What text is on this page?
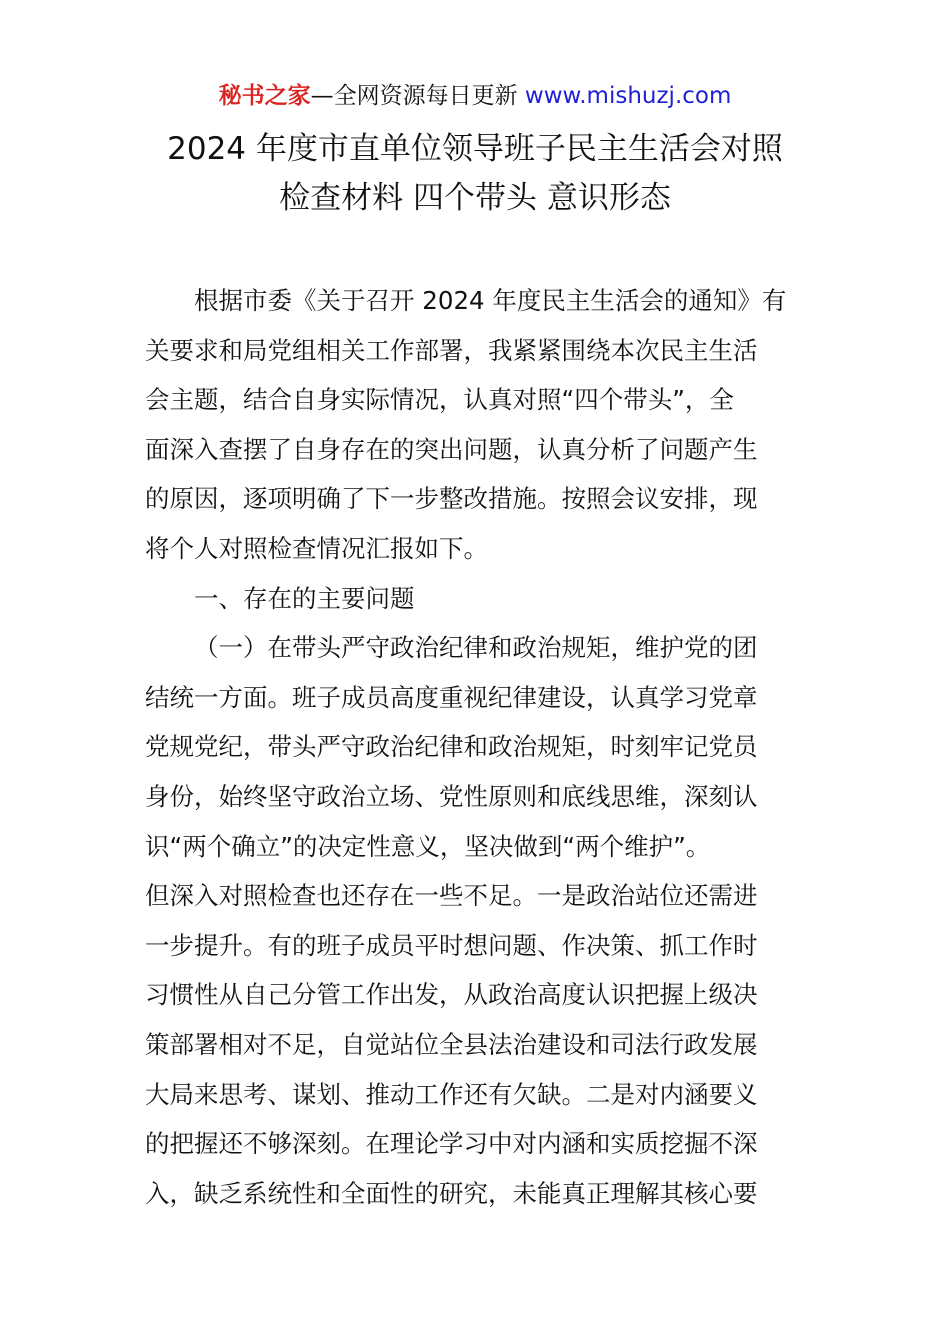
秘书之家—全网资源每日更新 www.mishuzj.com
2024 年度市直单位领导班子民主生活会对照
检查材料 四个带头 意识形态
根据市委《关于召开 2024 年度民主生活会的通知》有
关要求和局党组相关工作部署，我紧紧围绕本次民主生活
会主题，结合自身实际情况，认真对照“四个带头”，全
面深入查摆了自身存在的突出问题，认真分析了问题产生
的原因，逐项明确了下一步整改措施。按照会议安排，现
将个人对照检查情况汇报如下。
一、存在的主要问题
（一）在带头严守政治纪律和政治规矩，维护党的团
结统一方面。班子成员高度重视纪律建设，认真学习党章
党规党纪，带头严守政治纪律和政治规矩，时刻牢记党员
身份，始终坚守政治立场、党性原则和底线思维，深刻认
识“两个确立”的决定性意义，坚决做到“两个维护”。
但深入对照检查也还存在一些不足。一是政治站位还需进
一步提升。有的班子成员平时想问题、作决策、抓工作时
习惯性从自己分管工作出发，从政治高度认识把握上级决
策部署相对不足，自觉站位全县法治建设和司法行政发展
大局来思考、谋划、推动工作还有欠缺。二是对内涵要义
的把握还不够深刻。在理论学习中对内涵和实质挖掘不深
入，缺乏系统性和全面性的研究，未能真正理解其核心要
